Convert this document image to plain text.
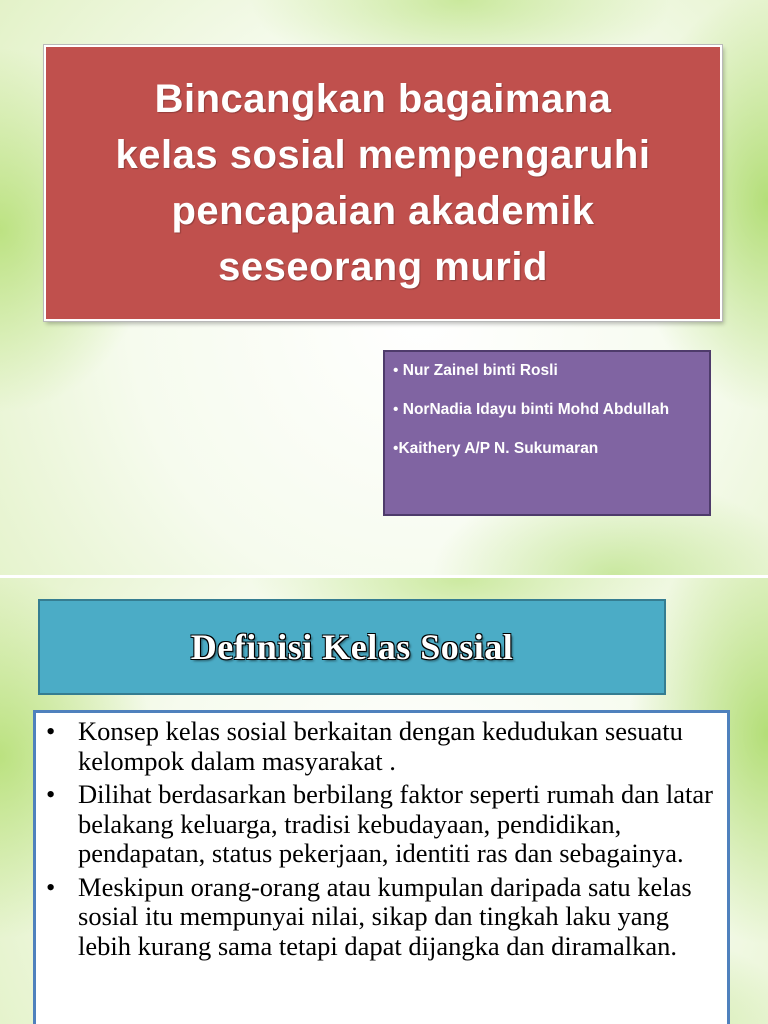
Bincangkan bagaimana
kelas sosial mempengaruhi
pencapaian akademik
seseorang murid
• Nur Zainel binti Rosli
• NorNadia Idayu binti Mohd Abdullah
•Kaithery A/P N. Sukumaran
Definisi Kelas Sosial
• Konsep kelas sosial berkaitan dengan kedudukan sesuatu kelompok dalam masyarakat .
• Dilihat berdasarkan berbilang faktor seperti rumah dan latar belakang keluarga, tradisi kebudayaan, pendidikan, pendapatan, status pekerjaan, identiti ras dan sebagainya.
• Meskipun orang-orang atau kumpulan daripada satu kelas sosial itu mempunyai nilai, sikap dan tingkah laku yang lebih kurang sama tetapi dapat dijangka dan diramalkan.
